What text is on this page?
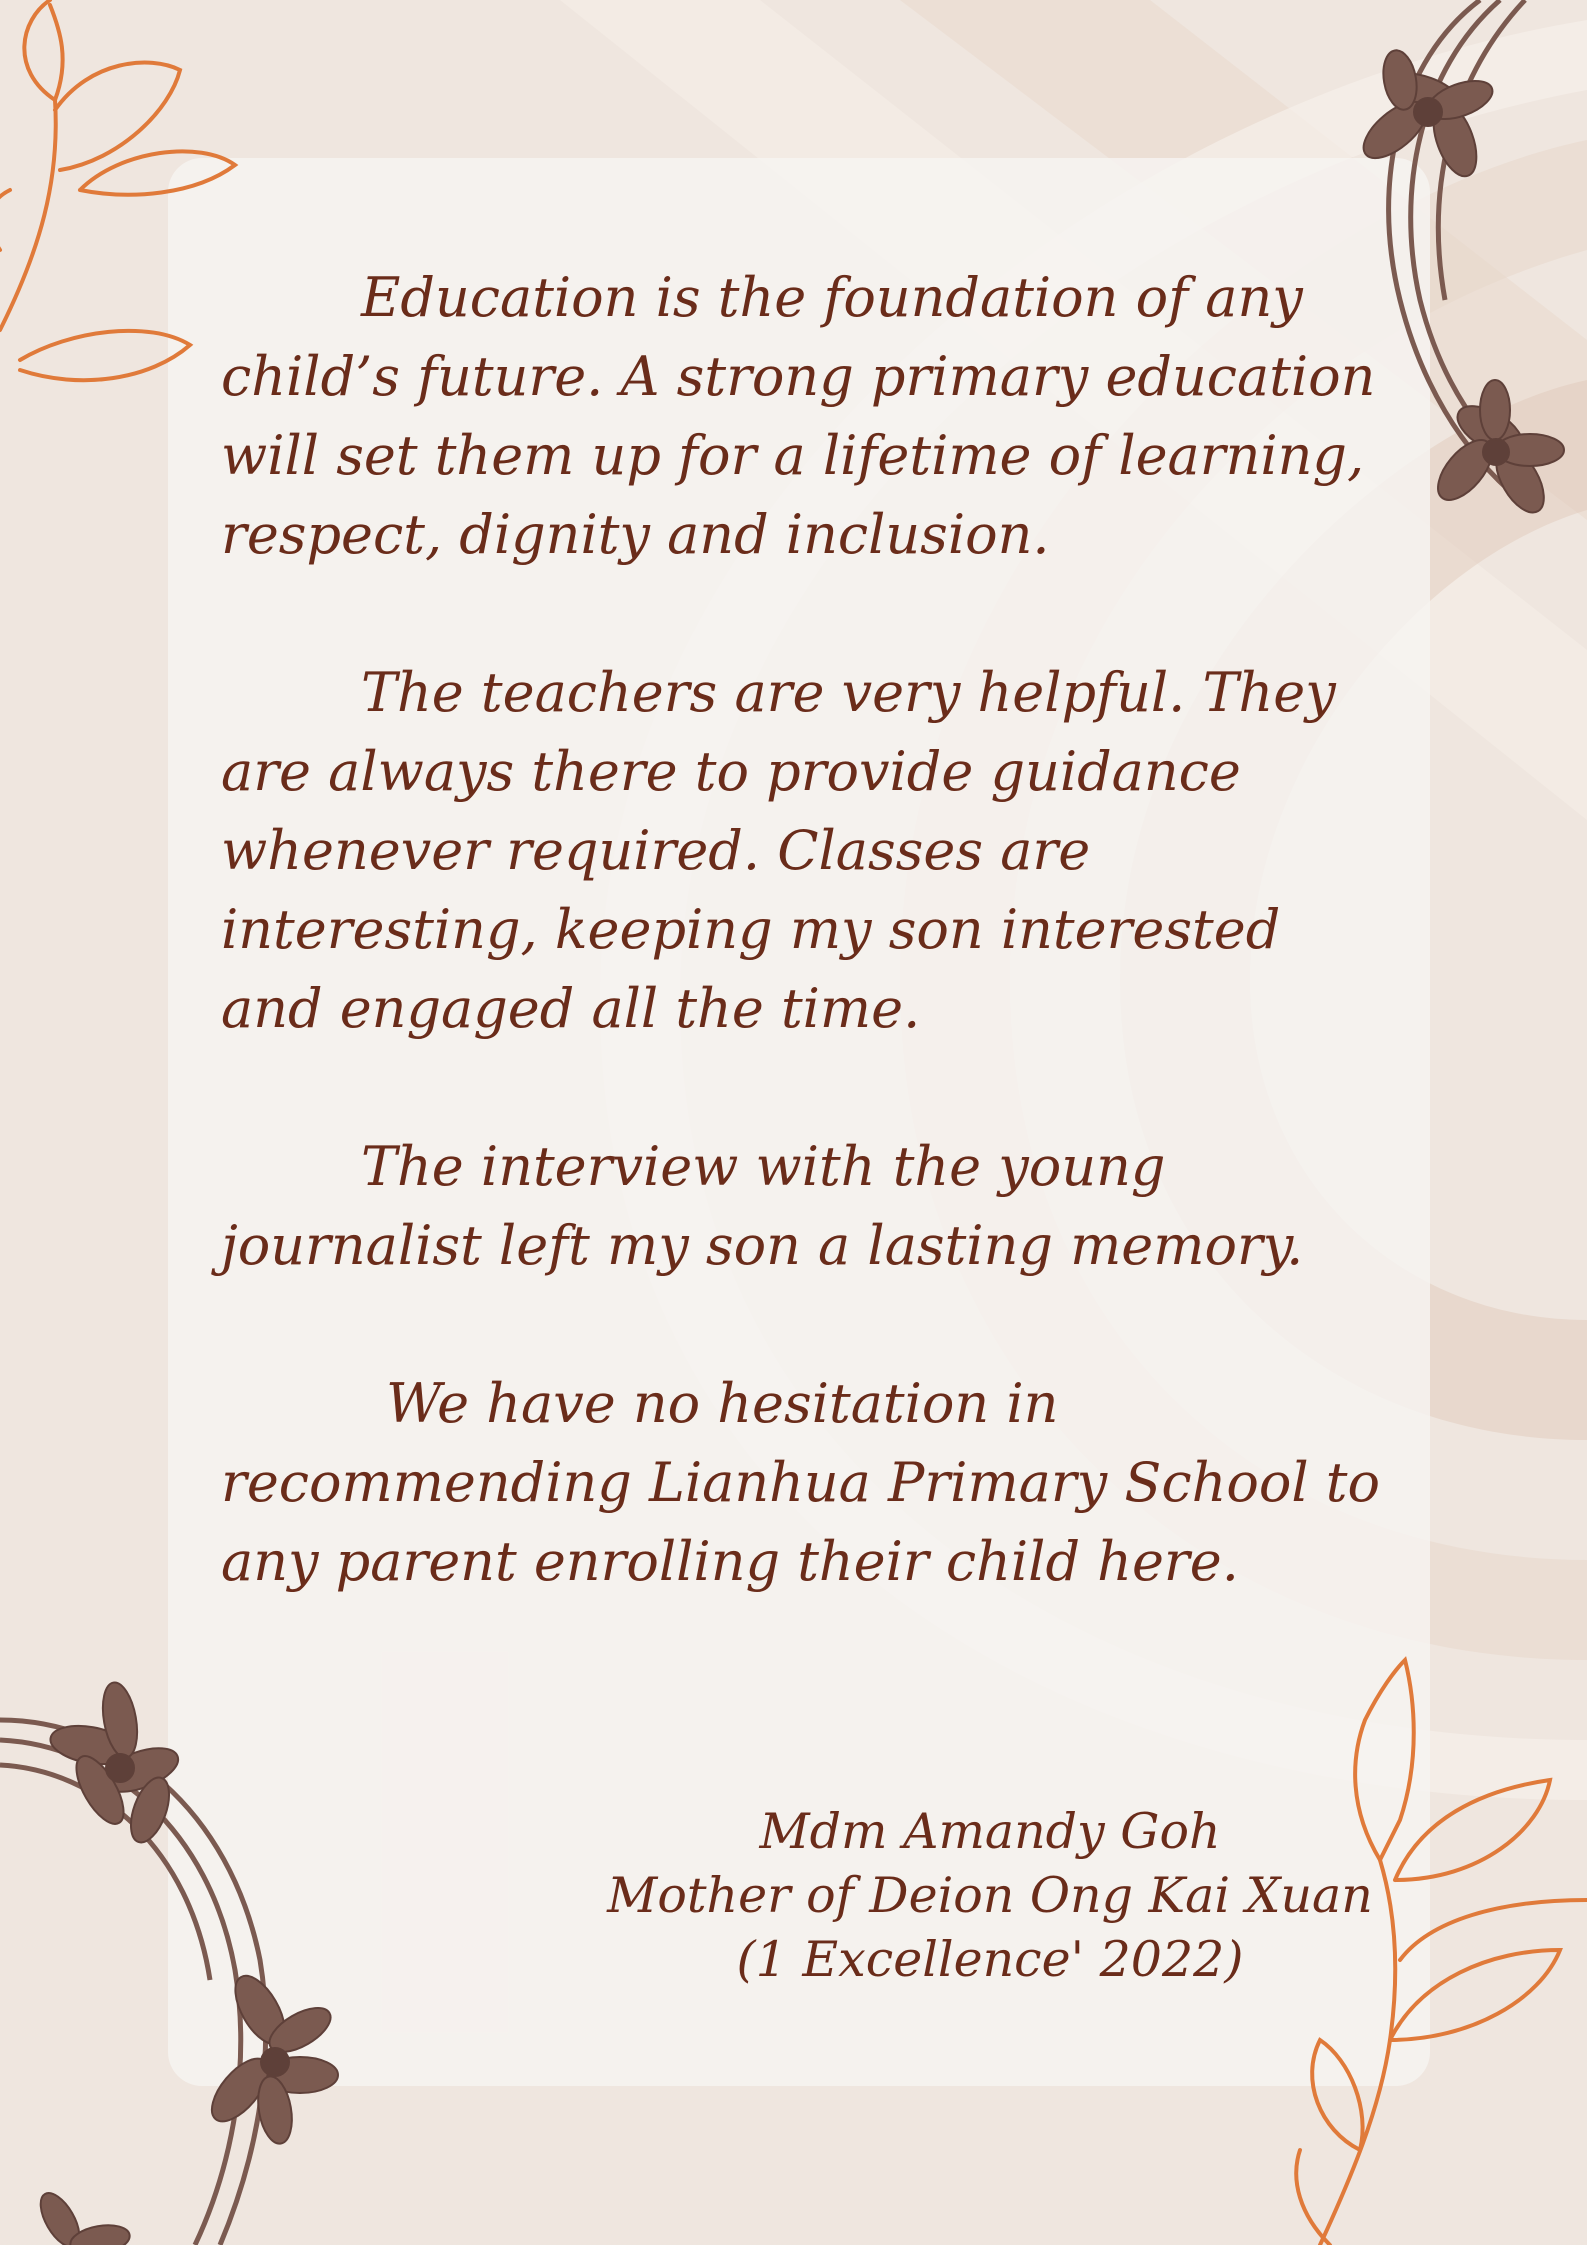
Education is the foundation of any child’s future. A strong primary education will set them up for a lifetime of learning, respect, dignity and inclusion.

The teachers are very helpful. They are always there to provide guidance whenever required. Classes are interesting, keeping my son interested and engaged all the time.

The interview with the young journalist left my son a lasting memory.

We have no hesitation in recommending Lianhua Primary School to any parent enrolling their child here.

Mdm Amandy Goh
Mother of Deion Ong Kai Xuan
(1 Excellence' 2022)
